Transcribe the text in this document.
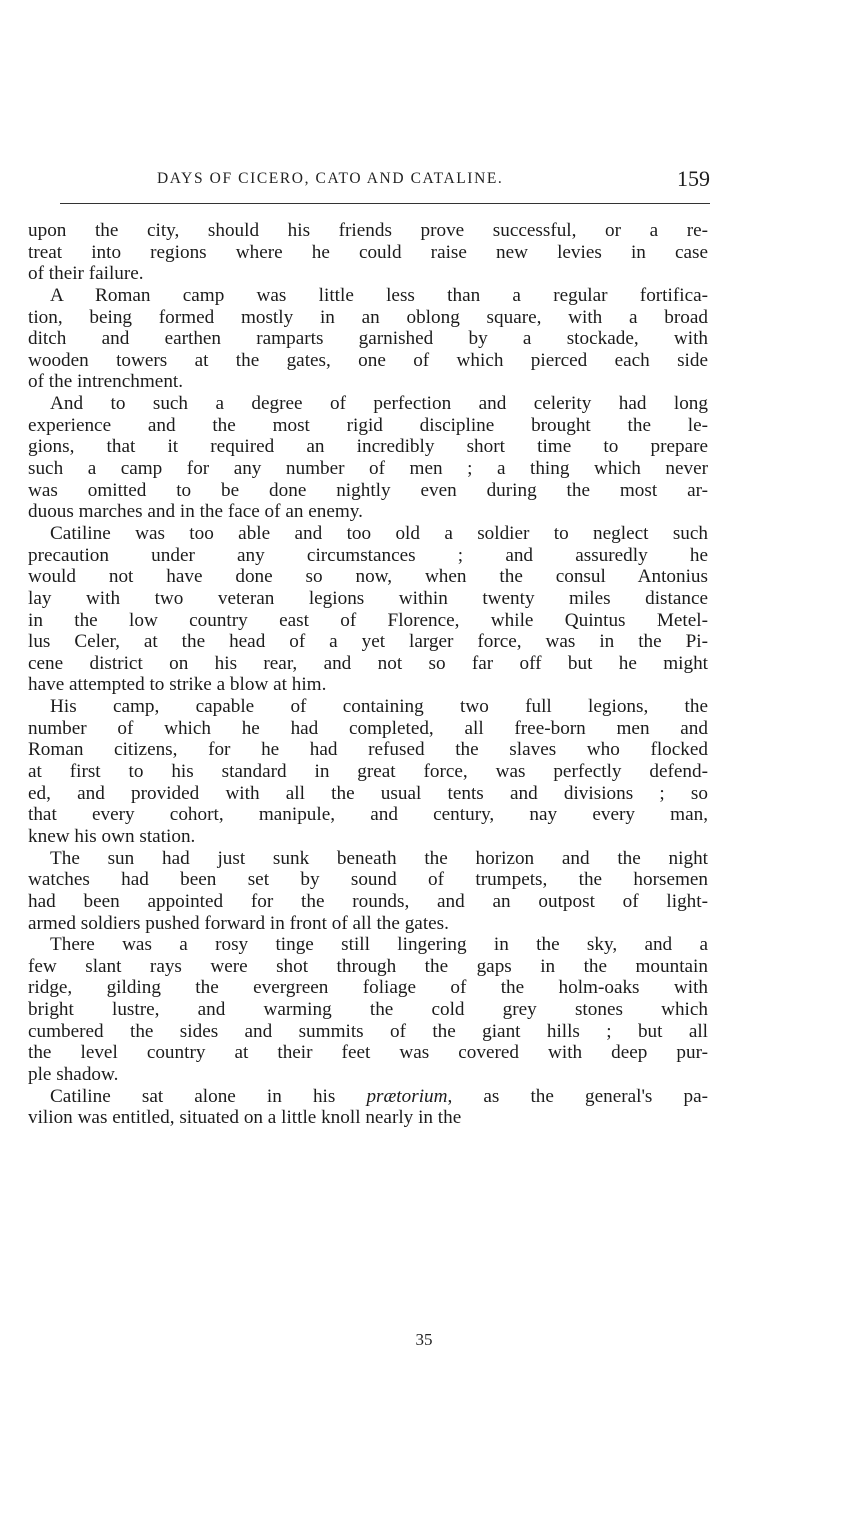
DAYS OF CICERO, CATO AND CATALINE.	159
upon the city, should his friends prove successful, or a re-
treat into regions where he could raise new levies in case
of their failure.
A Roman camp was little less than a regular fortifica-
tion, being formed mostly in an oblong square, with a broad
ditch and earthen ramparts garnished by a stockade, with
wooden towers at the gates, one of which pierced each side
of the intrenchment.
And to such a degree of perfection and celerity had long
experience and the most rigid discipline brought the le-
gions, that it required an incredibly short time to prepare
such a camp for any number of men ; a thing which never
was omitted to be done nightly even during the most ar-
duous marches and in the face of an enemy.
Catiline was too able and too old a soldier to neglect such
precaution under any circumstances ; and assuredly he
would not have done so now, when the consul Antonius
lay with two veteran legions within twenty miles distance
in the low country east of Florence, while Quintus Metel-
lus Celer, at the head of a yet larger force, was in the Pi-
cene district on his rear, and not so far off but he might
have attempted to strike a blow at him.
His camp, capable of containing two full legions, the
number of which he had completed, all free-born men and
Roman citizens, for he had refused the slaves who flocked
at first to his standard in great force, was perfectly defend-
ed, and provided with all the usual tents and divisions ; so
that every cohort, manipule, and century, nay every man,
knew his own station.
The sun had just sunk beneath the horizon and the night
watches had been set by sound of trumpets, the horsemen
had been appointed for the rounds, and an outpost of light-
armed soldiers pushed forward in front of all the gates.
There was a rosy tinge still lingering in the sky, and a
few slant rays were shot through the gaps in the mountain
ridge, gilding the evergreen foliage of the holm-oaks with
bright lustre, and warming the cold grey stones which
cumbered the sides and summits of the giant hills ; but all
the level country at their feet was covered with deep pur-
ple shadow.
Catiline sat alone in his prætorium, as the general's pa-
vilion was entitled, situated on a little knoll nearly in the
35
